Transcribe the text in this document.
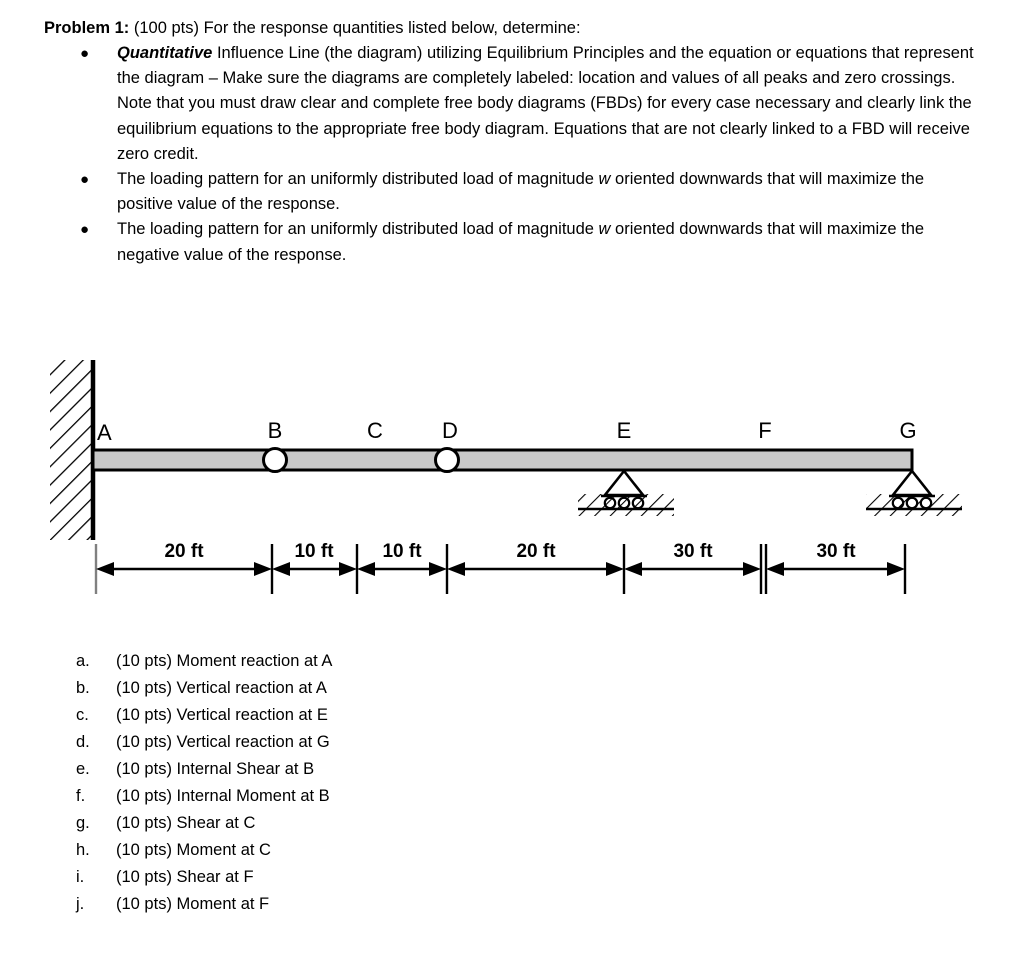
Problem 1: (100 pts) For the response quantities listed below, determine:

● Quantitative Influence Line (the diagram) utilizing Equilibrium Principles and the equation or equations that represent the diagram – Make sure the diagrams are completely labeled: location and values of all peaks and zero crossings. Note that you must draw clear and complete free body diagrams (FBDs) for every case necessary and clearly link the equilibrium equations to the appropriate free body diagram. Equations that are not clearly linked to a FBD will receive zero credit.
● The loading pattern for an uniformly distributed load of magnitude w oriented downwards that will maximize the positive value of the response.
● The loading pattern for an uniformly distributed load of magnitude w oriented downwards that will maximize the negative value of the response.
A	B	C	D	E	F	G
20 ft	10 ft	10 ft	20 ft	30 ft	30 ft
a.	(10 pts) Moment reaction at A
b.	(10 pts) Vertical reaction at A
c.	(10 pts) Vertical reaction at E
d.	(10 pts) Vertical reaction at G
e.	(10 pts) Internal Shear at B
f.	(10 pts) Internal Moment at B
g.	(10 pts) Shear at C
h.	(10 pts) Moment at C
i.	(10 pts) Shear at F
j.	(10 pts) Moment at F
